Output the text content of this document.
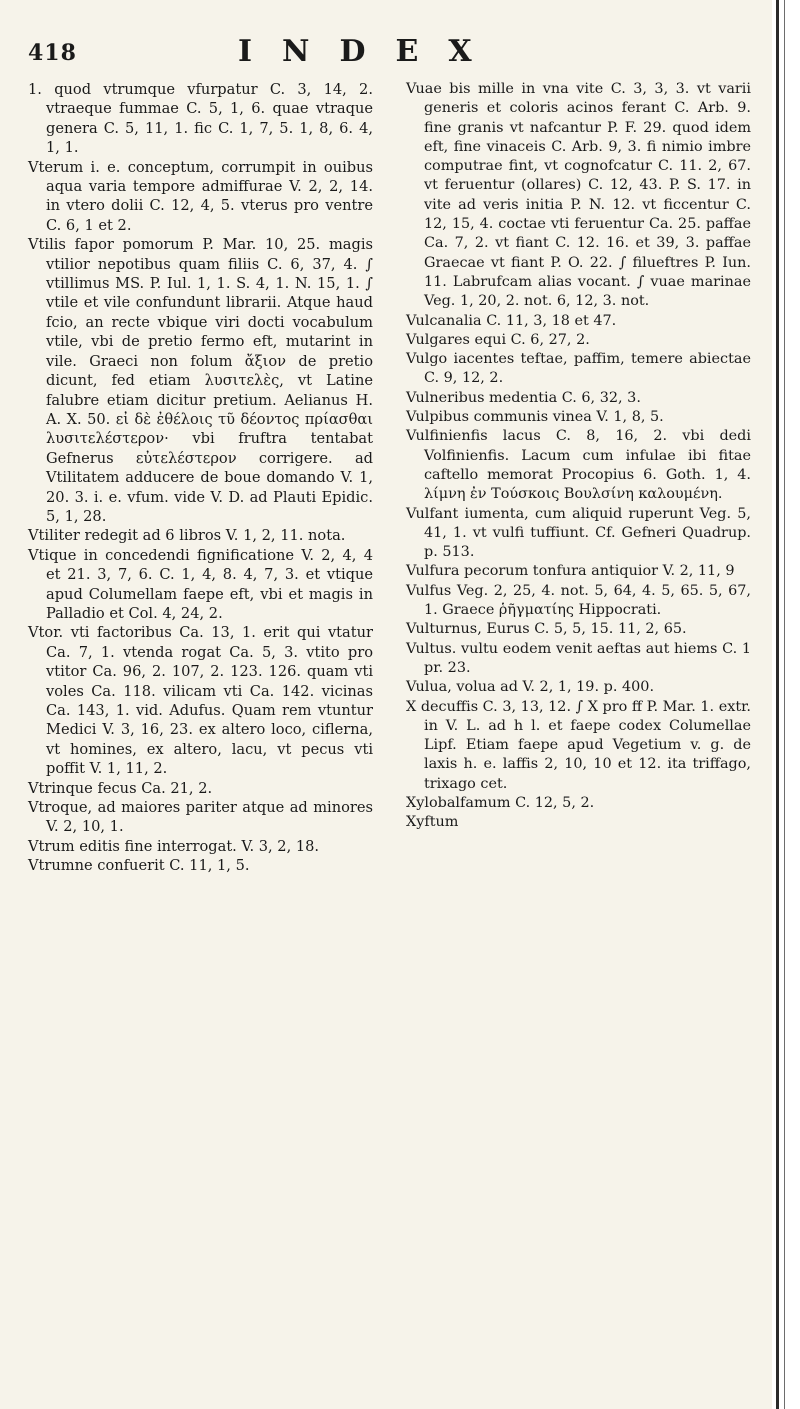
418	INDEX

1. quod vtrumque vfurpatur C. 3, 14, 2. vtraeque fummae C. 5, 1, 6. quae vtraque genera C. 5, 11, 1. fic C. 1, 7, 5. 1, 8, 6. 4, 1, 1.

Vterum i. e. conceptum, corrumpit in ouibus aqua varia tempore admiffurae V. 2, 2, 14. in vtero dolii C. 12, 4, 5. vterus pro ventre C. 6, 1 et 2.

Vtilis fapor pomorum P. Mar. 10, 25. magis vtilior nepotibus quam filiis C. 6, 37, 4. ∫ vtillimus MS. P. Iul. 1, 1. S. 4, 1. N. 15, 1. ∫ vtile et vile confundunt librarii. Atque haud fcio, an recte vbique viri docti vocabulum vtile, vbi de pretio fermo eft, mutarint in vile. Graeci non folum ἄξιον de pretio dicunt, fed etiam λυσιτελὲς, vt Latine falubre etiam dicitur pretium. Aelianus H. A. X. 50. εἰ δὲ ἐθέλοις τῦ δέοντος πρίασθαι λυσιτελέστερον· vbi fruftra tentabat Gefnerus εὐτελέστερον corrigere. ad Vtilitatem adducere de boue domando V. 1, 20. 3. i. e. vfum. vide V. D. ad Plauti Epidic. 5, 1, 28.

Vtiliter redegit ad 6 libros V. 1, 2, 11. nota.

Vtique in concedendi fignificatione V. 2, 4, 4 et 21. 3, 7, 6. C. 1, 4, 8. 4, 7, 3. et vtique apud Columellam faepe eft, vbi et magis in Palladio et Col. 4, 24, 2.

Vtor. vti factoribus Ca. 13, 1. erit qui vtatur Ca. 7, 1. vtenda rogat Ca. 5, 3. vtito pro vtitor Ca. 96, 2. 107, 2. 123. 126. quam vti voles Ca. 118. vilicam vti Ca. 142. vicinas Ca. 143, 1. vid. Adufus. Quam rem vtuntur Medici V. 3, 16, 23. ex altero loco, ciflerna, vt homines, ex altero, lacu, vt pecus vti poffit V. 1, 11, 2.

Vtrinque fecus Ca. 21, 2.

Vtroque, ad maiores pariter atque ad minores V. 2, 10, 1.

Vtrum editis fine interrogat. V. 3, 2, 18.

Vtrumne confuerit C. 11, 1, 5.

Vuae bis mille in vna vite C. 3, 3, 3. vt varii generis et coloris acinos ferant C. Arb. 9. fine granis vt nafcantur P. F. 29. quod idem eft, fine vinaceis C. Arb. 9, 3. fi nimio imbre computrae fint, vt cognofcatur C. 11. 2, 67. vt feruentur (ollares) C. 12, 43. P. S. 17. in vite ad veris initia P. N. 12. vt ficcentur C. 12, 15, 4. coctae vti feruentur Ca. 25. paffae Ca. 7, 2. vt fiant C. 12. 16. et 39, 3. paffae Graecae vt fiant P. O. 22. ∫ filueftres P. Iun. 11. Labrufcam alias vocant. ∫ vuae marinae Veg. 1, 20, 2. not. 6, 12, 3. not.

Vulcanalia C. 11, 3, 18 et 47.

Vulgares equi C. 6, 27, 2.

Vulgo iacentes teftae, paffim, temere abiectae C. 9, 12, 2.

Vulneribus medentia C. 6, 32, 3.

Vulpibus communis vinea V. 1, 8, 5.

Vulfinienfis lacus C. 8, 16, 2. vbi dedi Volfinienfis. Lacum cum infulae ibi fitae caftello memorat Procopius 6. Goth. 1, 4. λίμνη ἐν Τούσκοις Βουλσίνη καλουμένη.

Vulfant iumenta, cum aliquid ruperunt Veg. 5, 41, 1. vt vulfi tuffiunt. Cf. Gefneri Quadrup. p. 513.

Vulfura pecorum tonfura antiquior V. 2, 11, 9

Vulfus Veg. 2, 25, 4. not. 5, 64, 4. 5, 65. 5, 67, 1. Graece ῥῆγματίης Hippocrati.

Vulturnus, Eurus C. 5, 5, 15. 11, 2, 65.

Vultus. vultu eodem venit aeftas aut hiems C. 1 pr. 23.

Vulua, volua ad V. 2, 1, 19. p. 400.

X decuffis C. 3, 13, 12. ∫ X pro ff P. Mar. 1. extr. in V. L. ad h l. et faepe codex Columellae Lipf. Etiam faepe apud Vegetium v. g. de laxis h. e. laffis 2, 10, 10 et 12. ita triffago, trixago cet.

Xylobalfamum C. 12, 5, 2.

Xyftum
